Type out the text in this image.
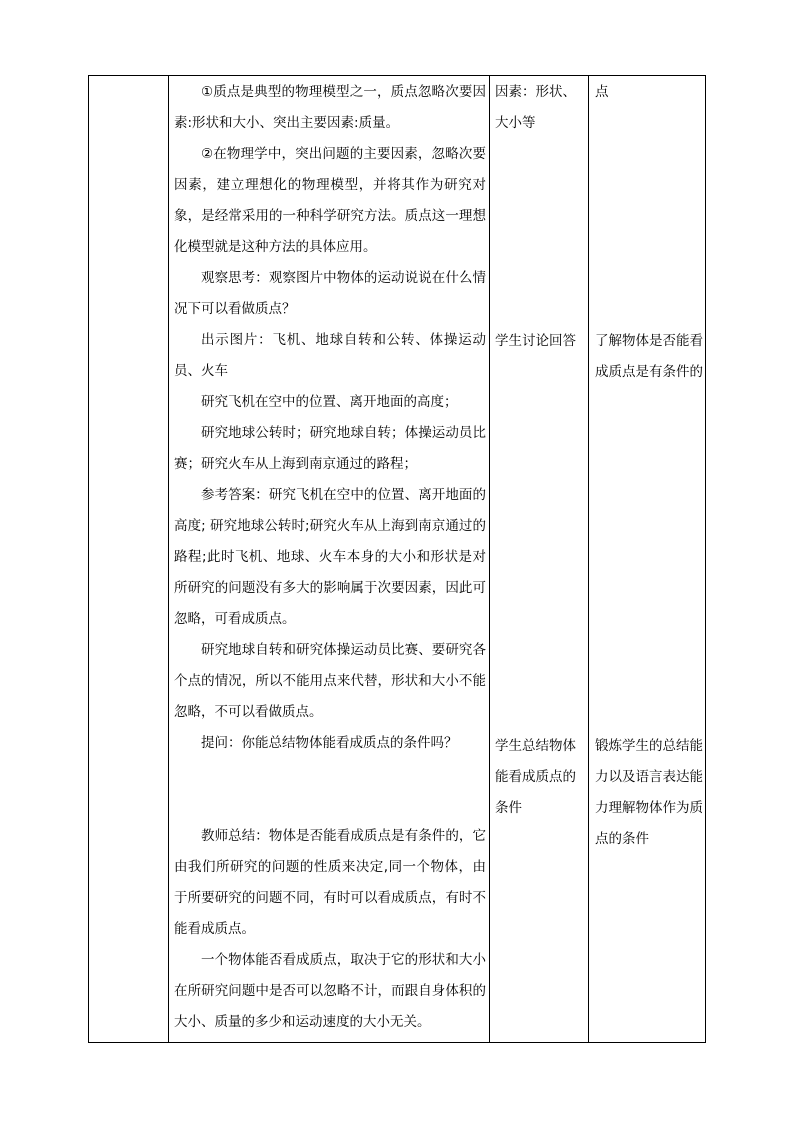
①质点是典型的物理模型之一，质点忽略次要因素:形状和大小、突出主要因素:质量。

②在物理学中，突出问题的主要因素，忽略次要因素，建立理想化的物理模型，并将其作为研究对象，是经常采用的一种科学研究方法。质点这一理想化模型就是这种方法的具体应用。

观察思考：观察图片中物体的运动说说在什么情况下可以看做质点？

出示图片：飞机、地球自转和公转、体操运动员、火车

研究飞机在空中的位置、离开地面的高度；

研究地球公转时；研究地球自转；体操运动员比赛；研究火车从上海到南京通过的路程；

参考答案：研究飞机在空中的位置、离开地面的高度; 研究地球公转时;研究火车从上海到南京通过的路程;此时飞机、地球、火车本身的大小和形状是对所研究的问题没有多大的影响属于次要因素，因此可忽略，可看成质点。

研究地球自转和研究体操运动员比赛、要研究各个点的情况，所以不能用点来代替，形状和大小不能忽略，不可以看做质点。

提问：你能总结物体能看成质点的条件吗？

教师总结：物体是否能看成质点是有条件的，它由我们所研究的问题的性质来决定,同一个物体，由于所要研究的问题不同，有时可以看成质点，有时不能看成质点。

一个物体能否看成质点，取决于它的形状和大小在所研究问题中是否可以忽略不计，而跟自身体积的大小、质量的多少和运动速度的大小无关。

因素：形状、大小等
学生讨论回答
学生总结物体能看成质点的条件
点
了解物体是否能看成质点是有条件的
锻炼学生的总结能力以及语言表达能力理解物体作为质点的条件
